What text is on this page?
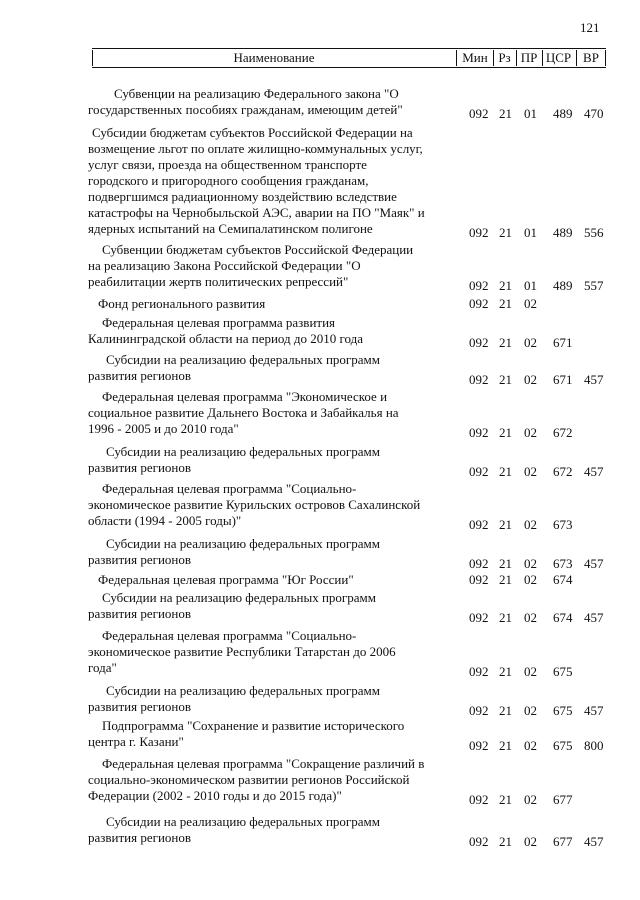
121
Наименование	Мин Рз ПР ЦСР ВР
Субвенции на реализацию Федерального закона "О
государственных пособиях гражданам, имеющим детей"	092 21 01 489 470
Субсидии бюджетам субъектов Российской Федерации на
возмещение льгот по оплате жилищно-коммунальных услуг,
услуг связи, проезда на общественном транспорте
городского и пригородного сообщения гражданам,
подвергшимся радиационному воздействию вследствие
катастрофы на Чернобыльской АЭС, аварии на ПО "Маяк" и
ядерных испытаний на Семипалатинском полигоне	092 21 01 489 556
Субвенции бюджетам субъектов Российской Федерации
на реализацию Закона Российской Федерации "О
реабилитации жертв политических репрессий"	092 21 01 489 557
Фонд регионального развития	092 21 02
Федеральная целевая программа развития
Калининградской области на период до 2010 года	092 21 02 671
Субсидии на реализацию федеральных программ
развития регионов	092 21 02 671 457
Федеральная целевая программа "Экономическое и
социальное развитие Дальнего Востока и Забайкалья на
1996 - 2005 и до 2010 года"	092 21 02 672
Субсидии на реализацию федеральных программ
развития регионов	092 21 02 672 457
Федеральная целевая программа "Социально-
экономическое развитие Курильских островов Сахалинской
области (1994 - 2005 годы)"	092 21 02 673
Субсидии на реализацию федеральных программ
развития регионов	092 21 02 673 457
Федеральная целевая программа "Юг России"	092 21 02 674
Субсидии на реализацию федеральных программ
развития регионов	092 21 02 674 457
Федеральная целевая программа "Социально-
экономическое развитие Республики Татарстан до 2006
года"	092 21 02 675
Субсидии на реализацию федеральных программ
развития регионов	092 21 02 675 457
Подпрограмма "Сохранение и развитие исторического
центра г. Казани"	092 21 02 675 800
Федеральная целевая программа "Сокращение различий в
социально-экономическом развитии регионов Российской
Федерации (2002 - 2010 годы и до 2015 года)"	092 21 02 677
Субсидии на реализацию федеральных программ
развития регионов	092 21 02 677 457
